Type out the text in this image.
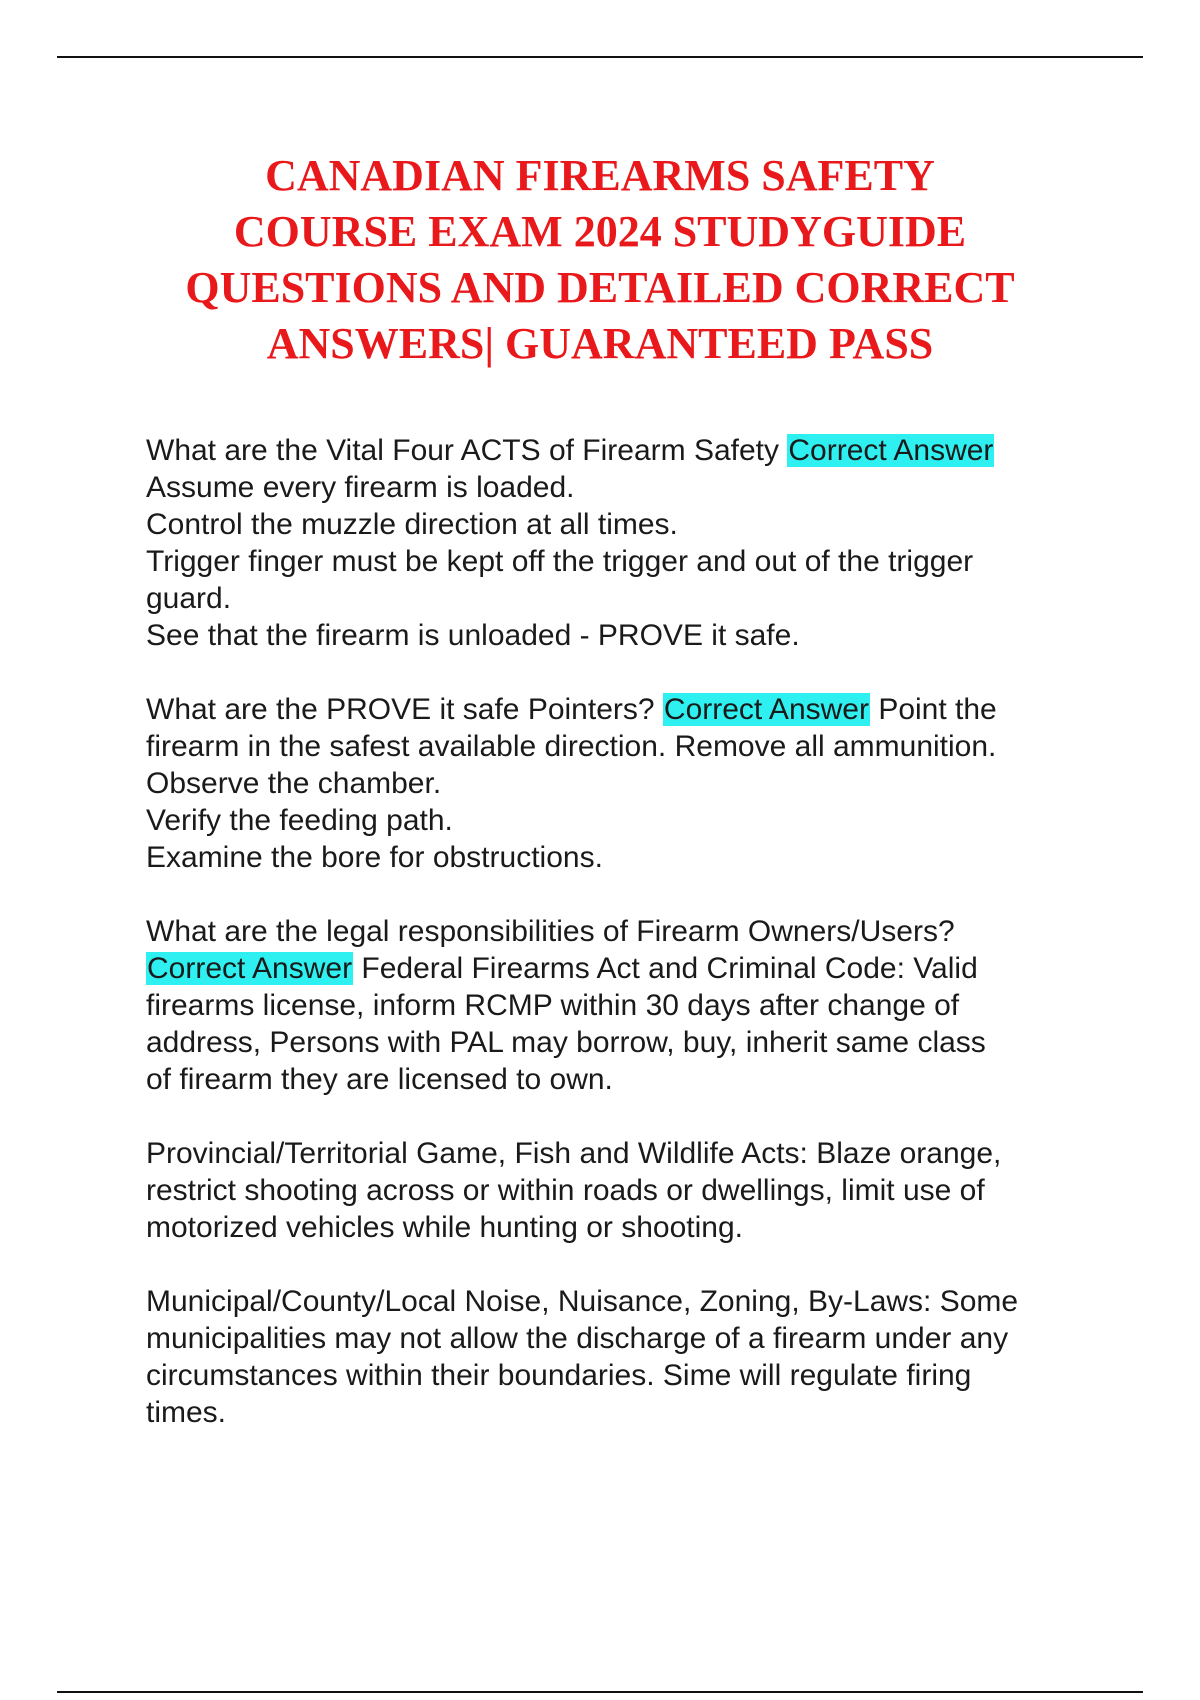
CANADIAN FIREARMS SAFETY
COURSE EXAM 2024 STUDYGUIDE
QUESTIONS AND DETAILED CORRECT
ANSWERS| GUARANTEED PASS
What are the Vital Four ACTS of Firearm Safety Correct Answer
Assume every firearm is loaded.
Control the muzzle direction at all times.
Trigger finger must be kept off the trigger and out of the trigger
guard.
See that the firearm is unloaded - PROVE it safe.
What are the PROVE it safe Pointers? Correct Answer Point the
firearm in the safest available direction. Remove all ammunition.
Observe the chamber.
Verify the feeding path.
Examine the bore for obstructions.
What are the legal responsibilities of Firearm Owners/Users?
Correct Answer Federal Firearms Act and Criminal Code: Valid
firearms license, inform RCMP within 30 days after change of
address, Persons with PAL may borrow, buy, inherit same class
of firearm they are licensed to own.
Provincial/Territorial Game, Fish and Wildlife Acts: Blaze orange,
restrict shooting across or within roads or dwellings, limit use of
motorized vehicles while hunting or shooting.
Municipal/County/Local Noise, Nuisance, Zoning, By-Laws: Some
municipalities may not allow the discharge of a firearm under any
circumstances within their boundaries. Sime will regulate firing
times.
